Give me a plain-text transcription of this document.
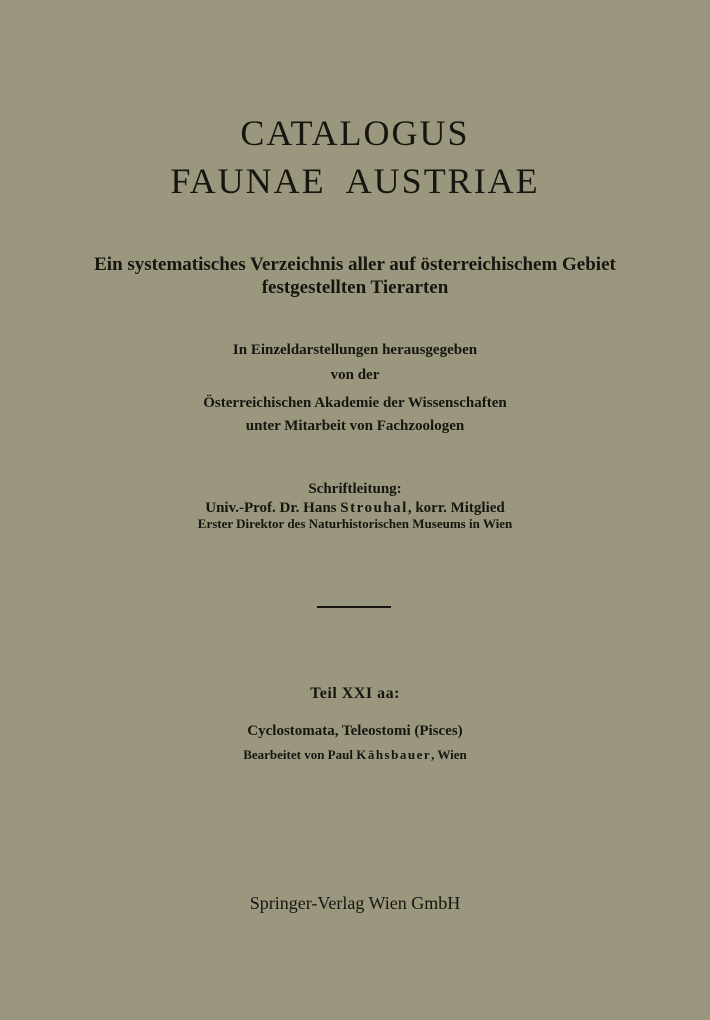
CATALOGUS

FAUNAE  AUSTRIAE

Ein systematisches Verzeichnis aller auf österreichischem Gebiet

festgestellten Tierarten

In Einzeldarstellungen herausgegeben

von der

Österreichischen Akademie der Wissenschaften

unter Mitarbeit von Fachzoologen

Schriftleitung:

Univ.-Prof. Dr. Hans Strouhal, korr. Mitglied

Erster Direktor des Naturhistorischen Museums in Wien

Teil XXI aa:

Cyclostomata, Teleostomi (Pisces)

Bearbeitet von Paul Kähsbauer, Wien

Springer-Verlag Wien GmbH
